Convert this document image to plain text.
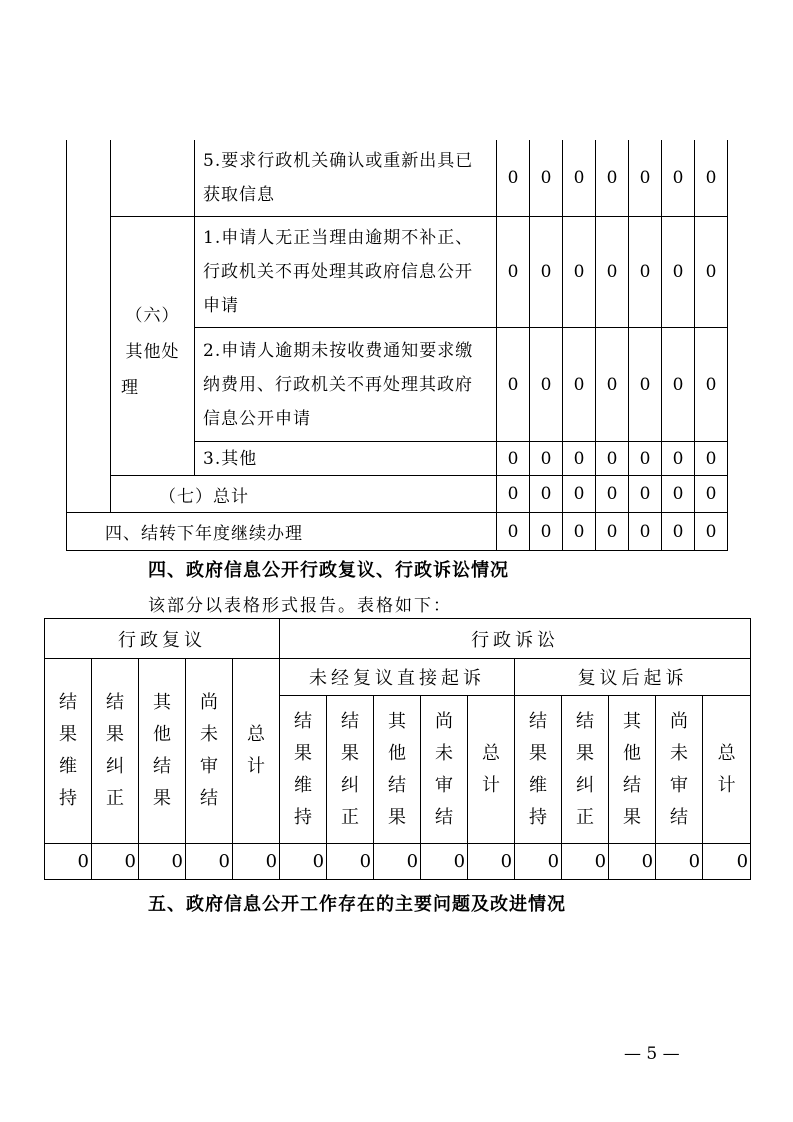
		5.要求行政机关确认或重新出具已获取信息	0	0	0	0	0	0	0

	（六）
其他处
理	1.申请人无正当理由逾期不补正、行政机关不再处理其政府信息公开申请	0	0	0	0	0	0	0
		2.申请人逾期未按收费通知要求缴纳费用、行政机关不再处理其政府信息公开申请	0	0	0	0	0	0	0
		3.其他	0	0	0	0	0	0	0
	（七）总计		0	0	0	0	0	0	0

四、结转下年度继续办理			0	0	0	0	0	0	0
四、政府信息公开行政复议、行政诉讼情况
该部分以表格形式报告。表格如下：
行政复议					行政诉讼									

结果维持	结果纠正	其他结果	尚未审结	总计	未经复议直接起诉					复议后起诉				

					结果维持	结果纠正	其他结果	尚未审结	总计	结果维持	结果纠正	其他结果	尚未审结	总计

0	0	0	0	0	0	0	0	0	0	0	0	0	0	0
五、政府信息公开工作存在的主要问题及改进情况
— 5 —
